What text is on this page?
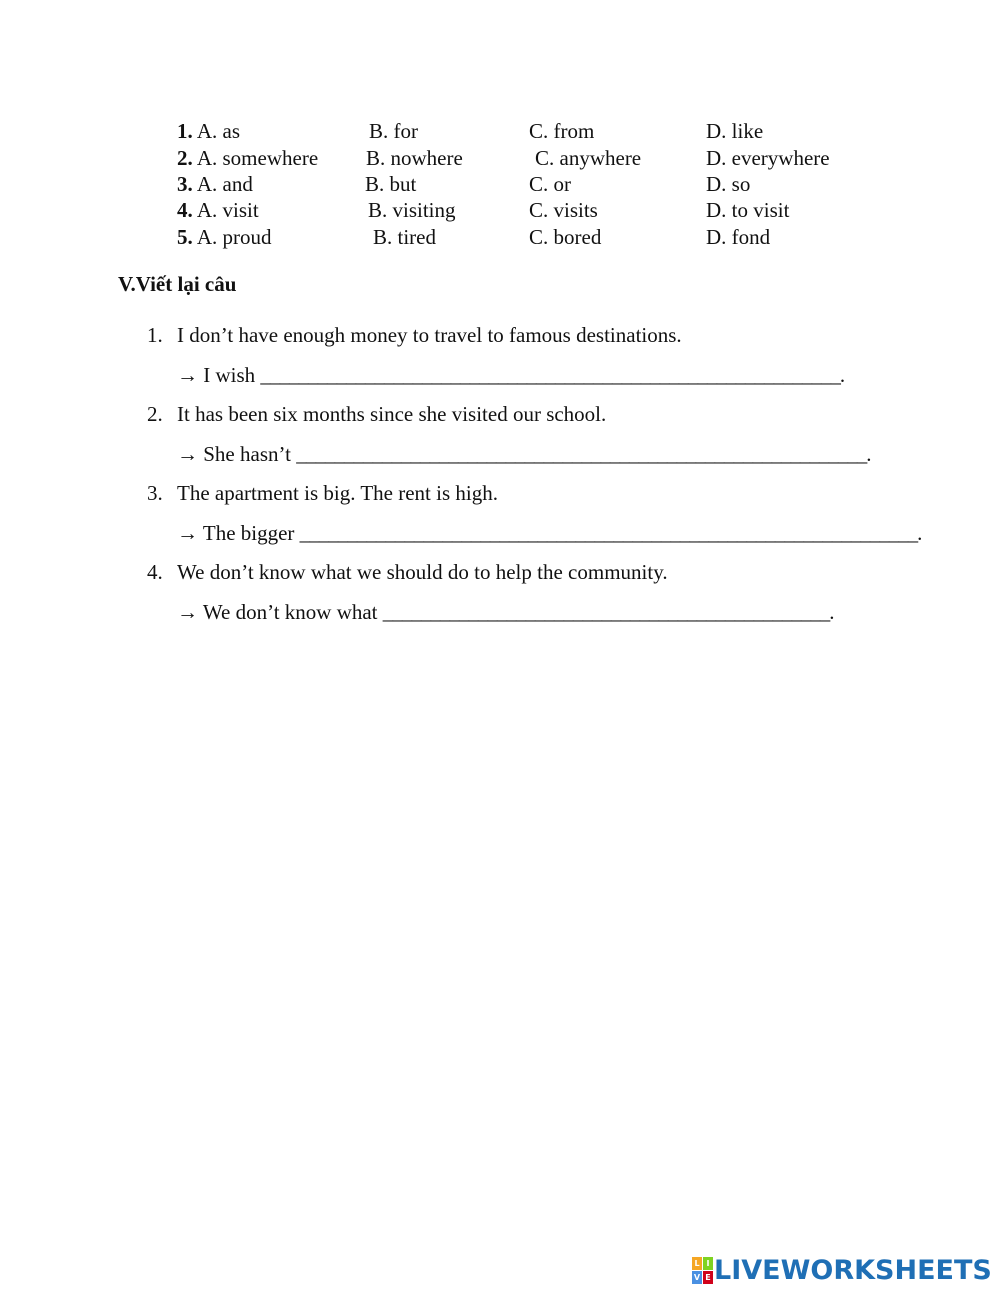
1. A. as	B. for	C. from	D. like
2. A. somewhere B. nowhere	C. anywhere	D. everywhere
3. A. and	B. but	C. or	D. so
4. A. visit	B. visiting	C. visits	D. to visit
5. A. proud	B. tired	C. bored	D. fond
V.Viết lại câu
1. I don’t have enough money to travel to famous destinations.
→ I wish _____________________________________________________________.
2. It has been six months since she visited our school.
→ She hasn’t ____________________________________________________________.
3. The apartment is big. The rent is high.
→ The bigger _________________________________________________________________.
4. We don’t know what we should do to help the community.
→ We don’t know what _______________________________________________.
L I
V E LIVEWORKSHEETS
